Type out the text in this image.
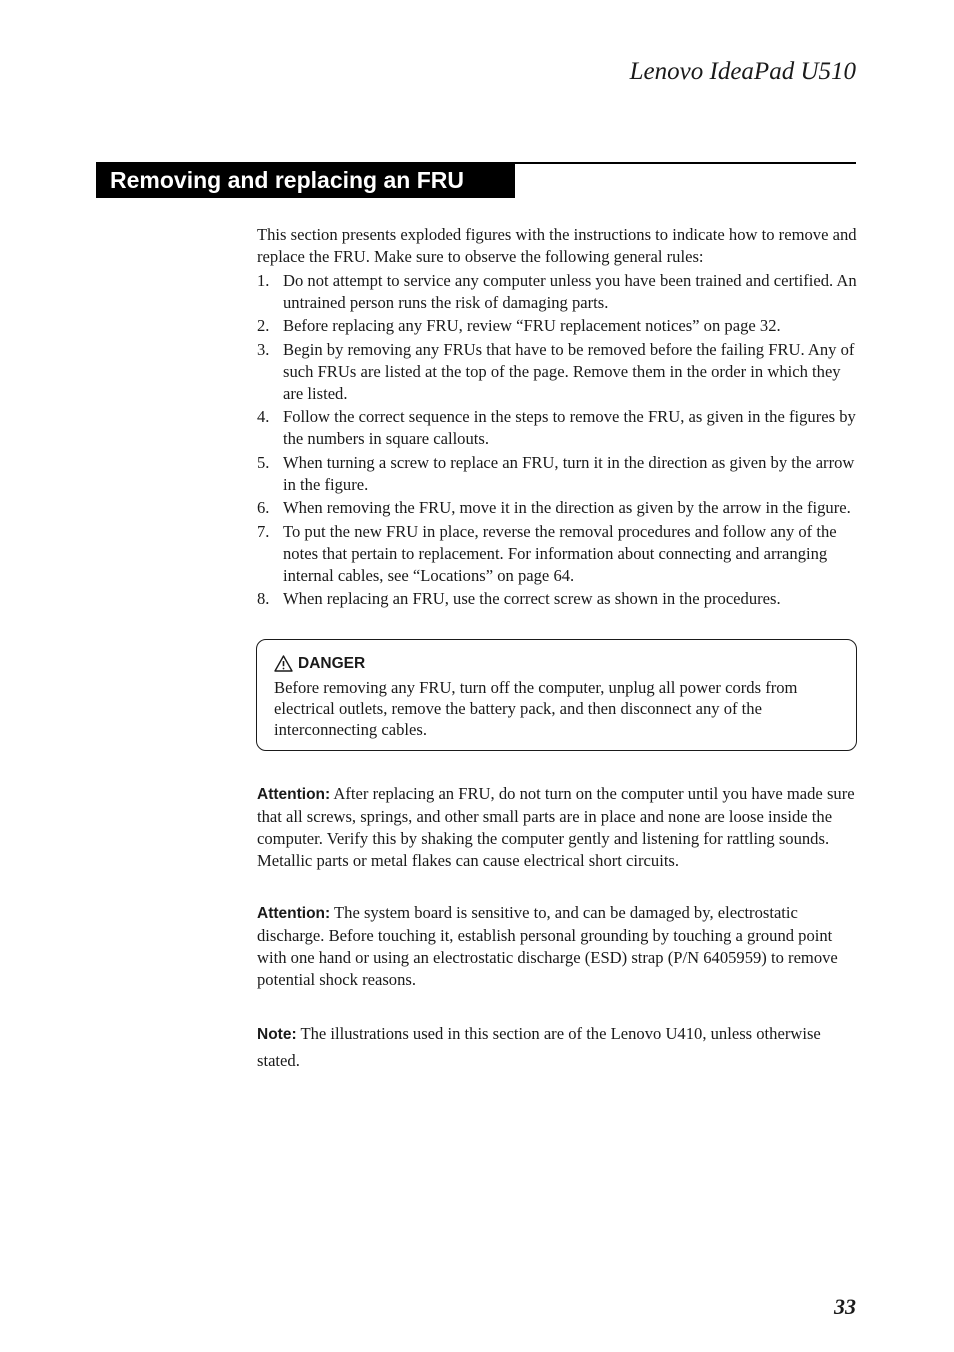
Lenovo IdeaPad U510
Removing and replacing an FRU

This section presents exploded figures with the instructions to indicate how to remove and replace the FRU. Make sure to observe the following general rules:

1. Do not attempt to service any computer unless you have been trained and certified. An untrained person runs the risk of damaging parts.
2. Before replacing any FRU, review “FRU replacement notices” on page 32.
3. Begin by removing any FRUs that have to be removed before the failing FRU. Any of such FRUs are listed at the top of the page. Remove them in the order in which they are listed.
4. Follow the correct sequence in the steps to remove the FRU, as given in the figures by the numbers in square callouts.
5. When turning a screw to replace an FRU, turn it in the direction as given by the arrow in the figure.
6. When removing the FRU, move it in the direction as given by the arrow in the figure.
7. To put the new FRU in place, reverse the removal procedures and follow any of the notes that pertain to replacement. For information about connecting and arranging internal cables, see “Locations” on page 64.
8. When replacing an FRU, use the correct screw as shown in the procedures.
DANGER
Before removing any FRU, turn off the computer, unplug all power cords from electrical outlets, remove the battery pack, and then disconnect any of the interconnecting cables.

Attention: After replacing an FRU, do not turn on the computer until you have made sure that all screws, springs, and other small parts are in place and none are loose inside the computer. Verify this by shaking the computer gently and listening for rattling sounds. Metallic parts or metal flakes can cause electrical short circuits.

Attention: The system board is sensitive to, and can be damaged by, electrostatic discharge. Before touching it, establish personal grounding by touching a ground point with one hand or using an electrostatic discharge (ESD) strap (P/N 6405959) to remove potential shock reasons.

Note: The illustrations used in this section are of the Lenovo U410, unless otherwise stated.

33
